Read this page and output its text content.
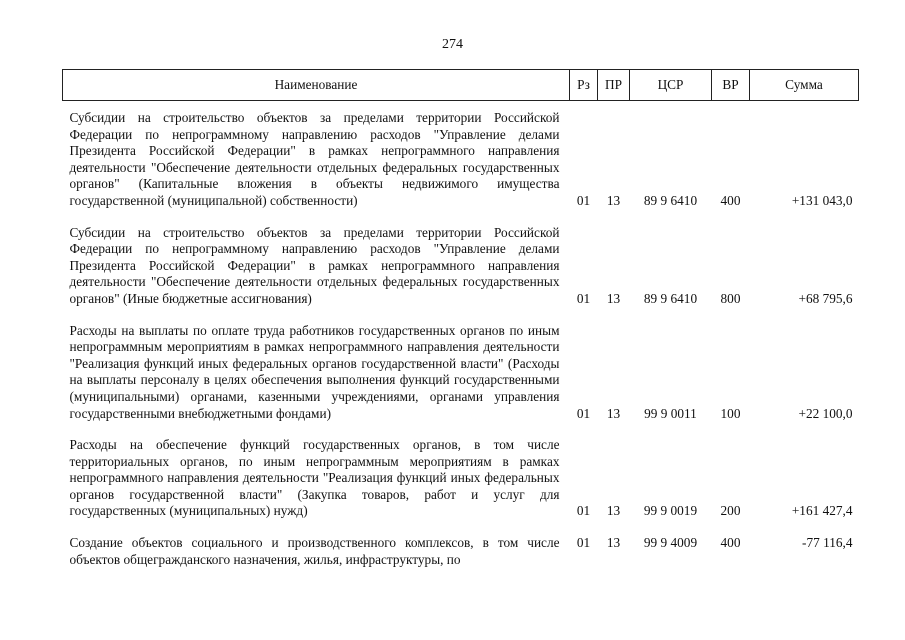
274
Наименование	Рз	ПР	ЦСР	ВР	Сумма
Субсидии на строительство объектов за пределами территории Российской Федерации по непрограммному направлению расходов "Управление делами Президента Российской Федерации" в рамках непрограммного направления деятельности "Обеспечение деятельности отдельных федеральных государственных органов" (Капитальные вложения в объекты недвижимого имущества государственной (муниципальной) собственности)	01	13	89 9 6410	400	+131 043,0
Субсидии на строительство объектов за пределами территории Российской Федерации по непрограммному направлению расходов "Управление делами Президента Российской Федерации" в рамках непрограммного направления деятельности "Обеспечение деятельности отдельных федеральных государственных органов" (Иные бюджетные ассигнования)	01	13	89 9 6410	800	+68 795,6
Расходы на выплаты по оплате труда работников государственных органов по иным непрограммным мероприятиям в рамках непрограммного направления деятельности "Реализация функций иных федеральных органов государственной власти" (Расходы на выплаты персоналу в целях обеспечения выполнения функций государственными (муниципальными) органами, казенными учреждениями, органами управления государственными внебюджетными фондами)	01	13	99 9 0011	100	+22 100,0
Расходы на обеспечение функций государственных органов, в том числе территориальных органов, по иным непрограммным мероприятиям в рамках непрограммного направления деятельности "Реализация функций иных федеральных органов государственной власти" (Закупка товаров, работ и услуг для государственных (муниципальных) нужд)	01	13	99 9 0019	200	+161 427,4
Создание объектов социального и производственного комплексов, в том числе объектов общегражданского назначения, жилья, инфраструктуры, по	01	13	99 9 4009	400	-77 116,4
